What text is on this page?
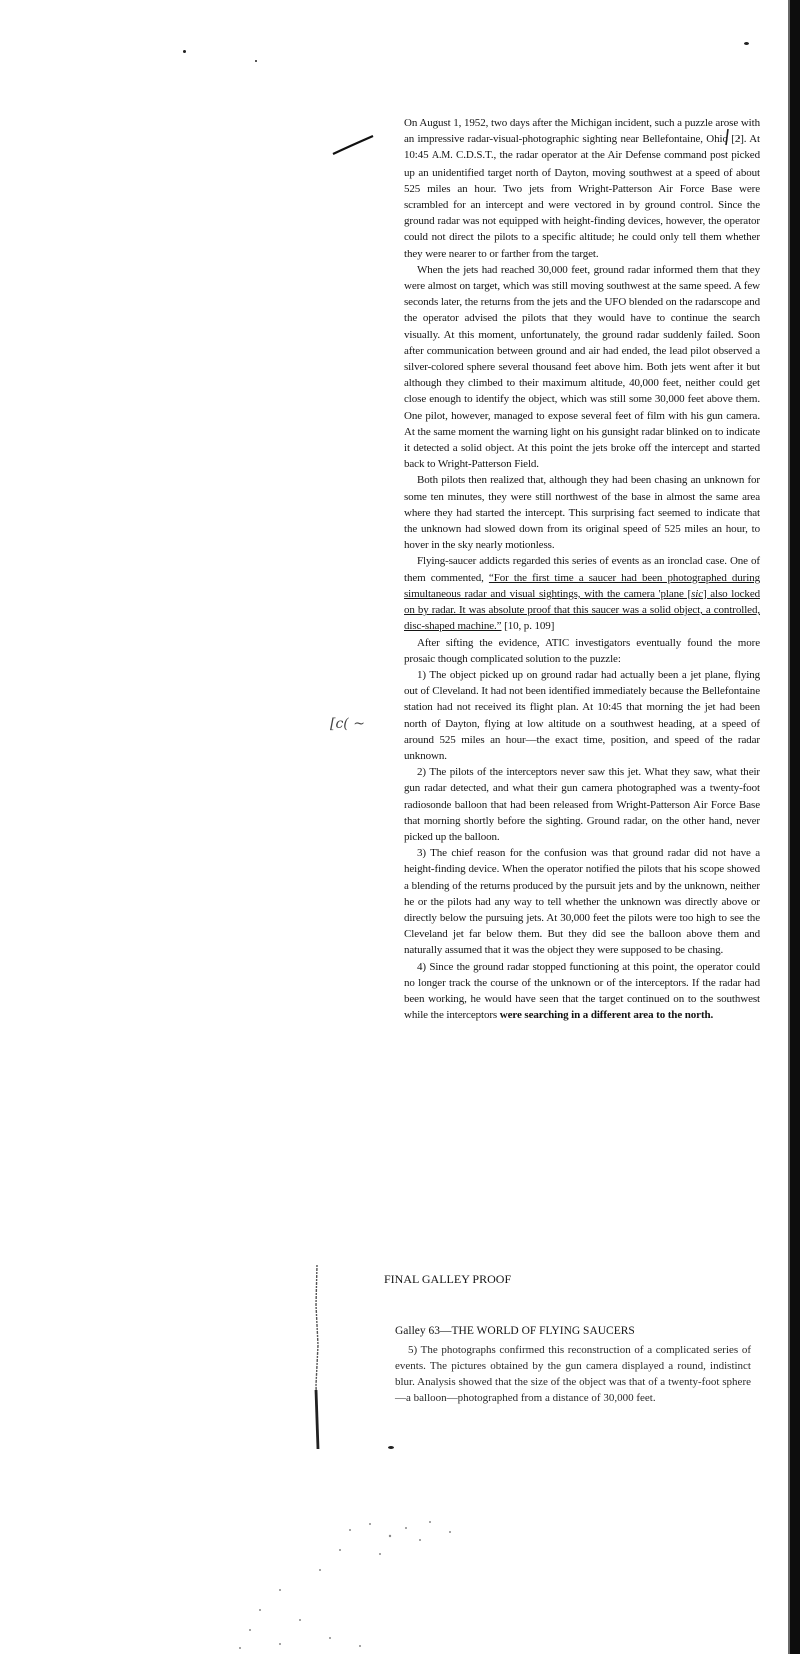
[c( ~

On August 1, 1952, two days after the Michigan incident, such a puzzle arose with an impressive radar-visual-photographic sighting near Bellefontaine, Ohio [2]. At 10:45 A.M. C.D.S.T., the radar operator at the Air Defense command post picked up an unidentified target north of Dayton, moving southwest at a speed of about 525 miles an hour. Two jets from Wright-Patterson Air Force Base were scrambled for an intercept and were vectored in by ground control. Since the ground radar was not equipped with height-finding devices, however, the operator could not direct the pilots to a specific altitude; he could only tell them whether they were nearer to or farther from the target.

When the jets had reached 30,000 feet, ground radar informed them that they were almost on target, which was still moving southwest at the same speed. A few seconds later, the returns from the jets and the UFO blended on the radarscope and the operator advised the pilots that they would have to continue the search visually. At this moment, unfortunately, the ground radar suddenly failed. Soon after communication between ground and air had ended, the lead pilot observed a silver-colored sphere several thousand feet above him. Both jets went after it but although they climbed to their maximum altitude, 40,000 feet, neither could get close enough to identify the object, which was still some 30,000 feet above them. One pilot, however, managed to expose several feet of film with his gun camera. At the same moment the warning light on his gunsight radar blinked on to indicate it detected a solid object. At this point the jets broke off the intercept and started back to Wright-Patterson Field.

Both pilots then realized that, although they had been chasing an unknown for some ten minutes, they were still northwest of the base in almost the same area where they had started the intercept. This surprising fact seemed to indicate that the unknown had slowed down from its original speed of 525 miles an hour, to hover in the sky nearly motionless.

Flying-saucer addicts regarded this series of events as an ironclad case. One of them commented, “For the first time a saucer had been photographed during simultaneous radar and visual sightings, with the camera 'plane [sic] also locked on by radar. It was absolute proof that this saucer was a solid object, a controlled, disc-shaped machine.” [10, p. 109]

After sifting the evidence, ATIC investigators eventually found the more prosaic though complicated solution to the puzzle:

1) The object picked up on ground radar had actually been a jet plane, flying out of Cleveland. It had not been identified immediately because the Bellefontaine station had not received its flight plan. At 10:45 that morning the jet had been north of Dayton, flying at low altitude on a southwest heading, at a speed of around 525 miles an hour—the exact time, position, and speed of the radar unknown.

2) The pilots of the interceptors never saw this jet. What they saw, what their gun radar detected, and what their gun camera photographed was a twenty-foot radiosonde balloon that had been released from Wright-Patterson Air Force Base that morning shortly before the sighting. Ground radar, on the other hand, never picked up the balloon.

3) The chief reason for the confusion was that ground radar did not have a height-finding device. When the operator notified the pilots that his scope showed a blending of the returns produced by the pursuit jets and by the unknown, neither he or the pilots had any way to tell whether the unknown was directly above or directly below the pursuing jets. At 30,000 feet the pilots were too high to see the Cleveland jet far below them. But they did see the balloon above them and naturally assumed that it was the object they were supposed to be chasing.

4) Since the ground radar stopped functioning at this point, the operator could no longer track the course of the unknown or of the interceptors. If the radar had been working, he would have seen that the target continued on to the southwest while the interceptors were searching in a different area to the north.

FINAL GALLEY PROOF
Galley 63—THE WORLD OF FLYING SAUCERS

5) The photographs confirmed this reconstruction of a complicated series of events. The pictures obtained by the gun camera displayed a round, indistinct blur. Analysis showed that the size of the object was that of a twenty-foot sphere—a balloon—photographed from a distance of 30,000 feet.
